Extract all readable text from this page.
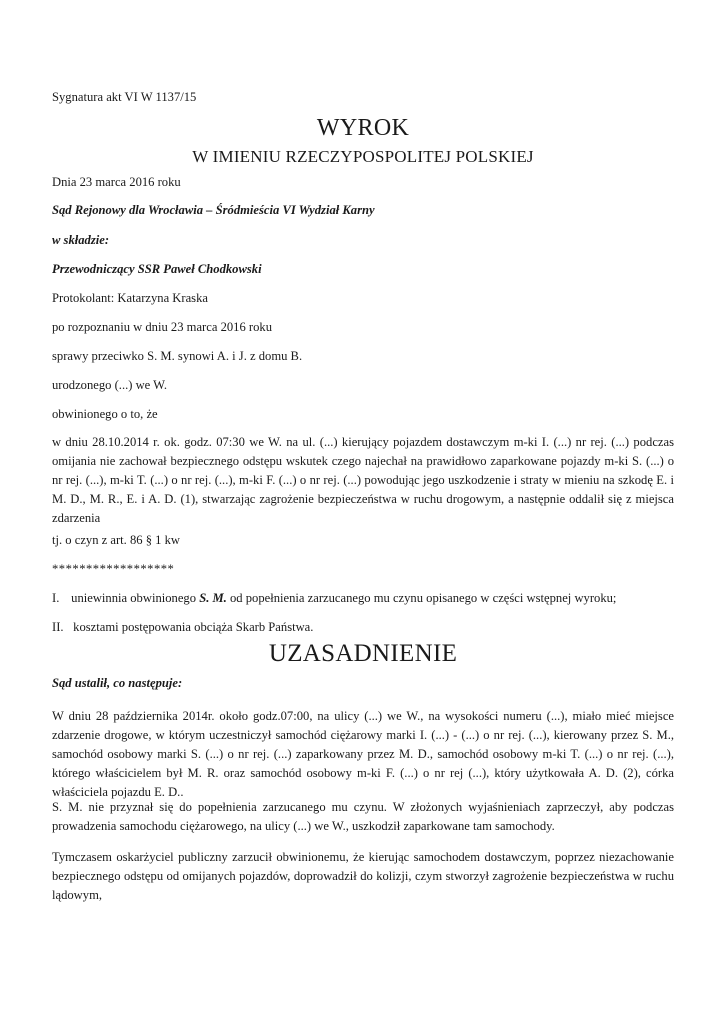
Sygnatura akt VI W 1137/15
WYROK
W IMIENIU RZECZYPOSPOLITEJ POLSKIEJ
Dnia 23 marca 2016 roku
Sąd Rejonowy dla Wrocławia – Śródmieścia VI Wydział Karny
w składzie:
Przewodniczący SSR Paweł Chodkowski
Protokolant: Katarzyna Kraska
po rozpoznaniu w dniu 23 marca 2016 roku
sprawy przeciwko S. M. synowi A. i J. z domu B.
urodzonego (...) we W.
obwinionego o to, że
w dniu 28.10.2014 r. ok. godz. 07:30 we W. na ul. (...) kierujący pojazdem dostawczym m-ki I. (...) nr rej. (...) podczas omijania nie zachował bezpiecznego odstępu wskutek czego najechał na prawidłowo zaparkowane pojazdy m-ki S. (...) o nr rej. (...), m-ki T. (...) o nr rej. (...), m-ki F. (...) o nr rej. (...) powodując jego uszkodzenie i straty w mieniu na szkodę E. i M. D., M. R., E. i A. D. (1), stwarzając zagrożenie bezpieczeństwa w ruchu drogowym, a następnie oddalił się z miejsca zdarzenia
tj. o czyn z art. 86 § 1 kw
******************
I. uniewinnia obwinionego S. M. od popełnienia zarzucanego mu czynu opisanego w części wstępnej wyroku;
II. kosztami postępowania obciąża Skarb Państwa.
UZASADNIENIE
Sąd ustalił, co następuje:
W dniu 28 października 2014r. około godz.07:00, na ulicy (...) we W., na wysokości numeru (...), miało mieć miejsce zdarzenie drogowe, w którym uczestniczył samochód ciężarowy marki I. (...) - (...) o nr rej. (...), kierowany przez S. M., samochód osobowy marki S. (...) o nr rej. (...) zaparkowany przez M. D., samochód osobowy m-ki T. (...) o nr rej. (...), którego właścicielem był M. R. oraz samochód osobowy m-ki F. (...) o nr rej (...), który użytkowała A. D. (2), córka właściciela pojazdu E. D..
S. M. nie przyznał się do popełnienia zarzucanego mu czynu. W złożonych wyjaśnieniach zaprzeczył, aby podczas prowadzenia samochodu ciężarowego, na ulicy (...) we W., uszkodził zaparkowane tam samochody.
Tymczasem oskarżyciel publiczny zarzucił obwinionemu, że kierując samochodem dostawczym, poprzez niezachowanie bezpiecznego odstępu od omijanych pojazdów, doprowadził do kolizji, czym stworzył zagrożenie bezpieczeństwa w ruchu lądowym,
